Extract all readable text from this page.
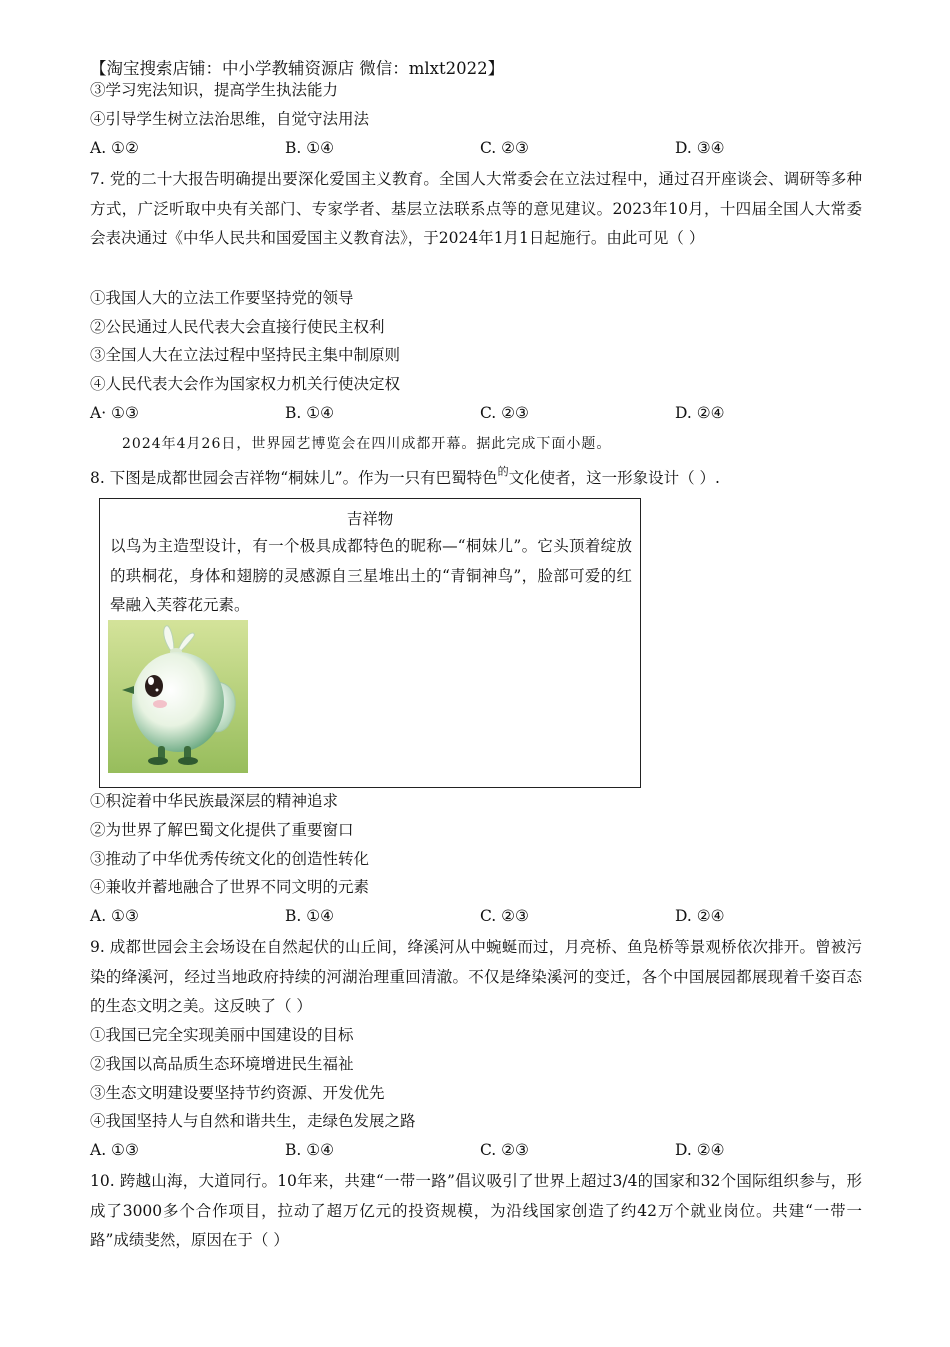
【淘宝搜索店铺：中小学教辅资源店 微信：mlxt2022】
③学习宪法知识，提高学生执法能力
④引导学生树立法治思维，自觉守法用法
A. ①②	B. ①④	C. ②③	D. ③④
7. 党的二十大报告明确提出要深化爱国主义教育。全国人大常委会在立法过程中，通过召开座谈会、调研等多种方式，广泛听取中央有关部门、专家学者、基层立法联系点等的意见建议。2023年10月，十四届全国人大常委会表决通过《中华人民共和国爱国主义教育法》，于2024年1月1日起施行。由此可见（ ）
①我国人大的立法工作要坚持党的领导
②公民通过人民代表大会直接行使民主权利
③全国人大在立法过程中坚持民主集中制原则
④人民代表大会作为国家权力机关行使决定权
A· ①③	B. ①④	C. ②③	D. ②④
2024年4月26日，世界园艺博览会在四川成都开幕。据此完成下面小题。
8. 下图是成都世园会吉祥物“桐妹儿”。作为一只有巴蜀特色$^的$文化使者，这一形象设计（ ）.
吉祥物
以鸟为主造型设计，有一个极具成都特色的昵称—“桐妹儿”。它头顶着绽放的珙桐花，身体和翅膀的灵感源自三星堆出土的“青铜神鸟”，脸部可爱的红晕融入芙蓉花元素。
①积淀着中华民族最深层的精神追求
②为世界了解巴蜀文化提供了重要窗口
③推动了中华优秀传统文化的创造性转化
④兼收并蓄地融合了世界不同文明的元素
A. ①③	B. ①④	C. ②③	D. ②④
9. 成都世园会主会场设在自然起伏的山丘间，绛溪河从中蜿蜒而过，月亮桥、鱼凫桥等景观桥依次排开。曾被污染的绛溪河，经过当地政府持续的河湖治理重回清澈。不仅是绛染溪河的变迁，各个中国展园都展现着千姿百态的生态文明之美。这反映了（ ）
①我国已完全实现美丽中国建设的目标
②我国以高品质生态环境增进民生福祉
③生态文明建设要坚持节约资源、开发优先
④我国坚持人与自然和谐共生，走绿色发展之路
A. ①③	B. ①④	C. ②③	D. ②④
10. 跨越山海，大道同行。10年来，共建“一带一路”倡议吸引了世界上超过3/4的国家和32个国际组织参与，形成了3000多个合作项目，拉动了超万亿元的投资规模，为沿线国家创造了约42万个就业岗位。共建“一带一路”成绩斐然，原因在于（ ）
